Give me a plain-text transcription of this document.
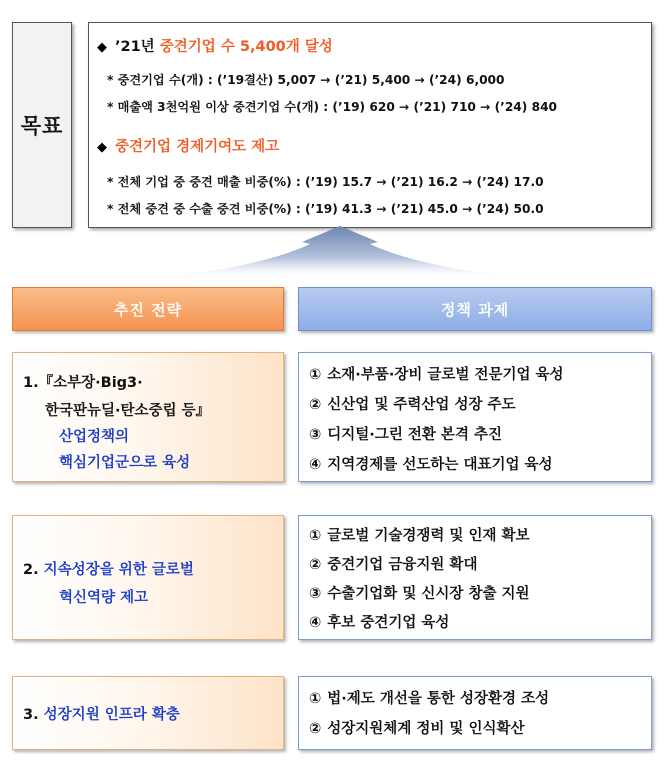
목표
◆ ’21년 중견기업 수 5,400개 달성
* 중견기업 수(개) : (’19결산) 5,007 → (’21) 5,400 → (’24) 6,000
* 매출액 3천억원 이상 중견기업 수(개) : (’19) 620 → (’21) 710 → (’24) 840
◆ 중견기업 경제기여도 제고
* 전체 기업 중 중견 매출 비중(%) : (’19) 15.7 → (’21) 16.2 → (’24) 17.0
* 전체 중견 중 수출 중견 비중(%) : (’19) 41.3 → (’21) 45.0 → (’24) 50.0
추진 전략	정책 과제
1.『소부장·Big3·
한국판뉴딜·탄소중립 등』
산업정책의
핵심기업군으로 육성
① 소재·부품·장비 글로벌 전문기업 육성
② 신산업 및 주력산업 성장 주도
③ 디지털·그린 전환 본격 추진
④ 지역경제를 선도하는 대표기업 육성
2. 지속성장을 위한 글로벌
혁신역량 제고
① 글로벌 기술경쟁력 및 인재 확보
② 중견기업 금융지원 확대
③ 수출기업화 및 신시장 창출 지원
④ 후보 중견기업 육성
3. 성장지원 인프라 확충
① 법·제도 개선을 통한 성장환경 조성
② 성장지원체계 정비 및 인식확산
